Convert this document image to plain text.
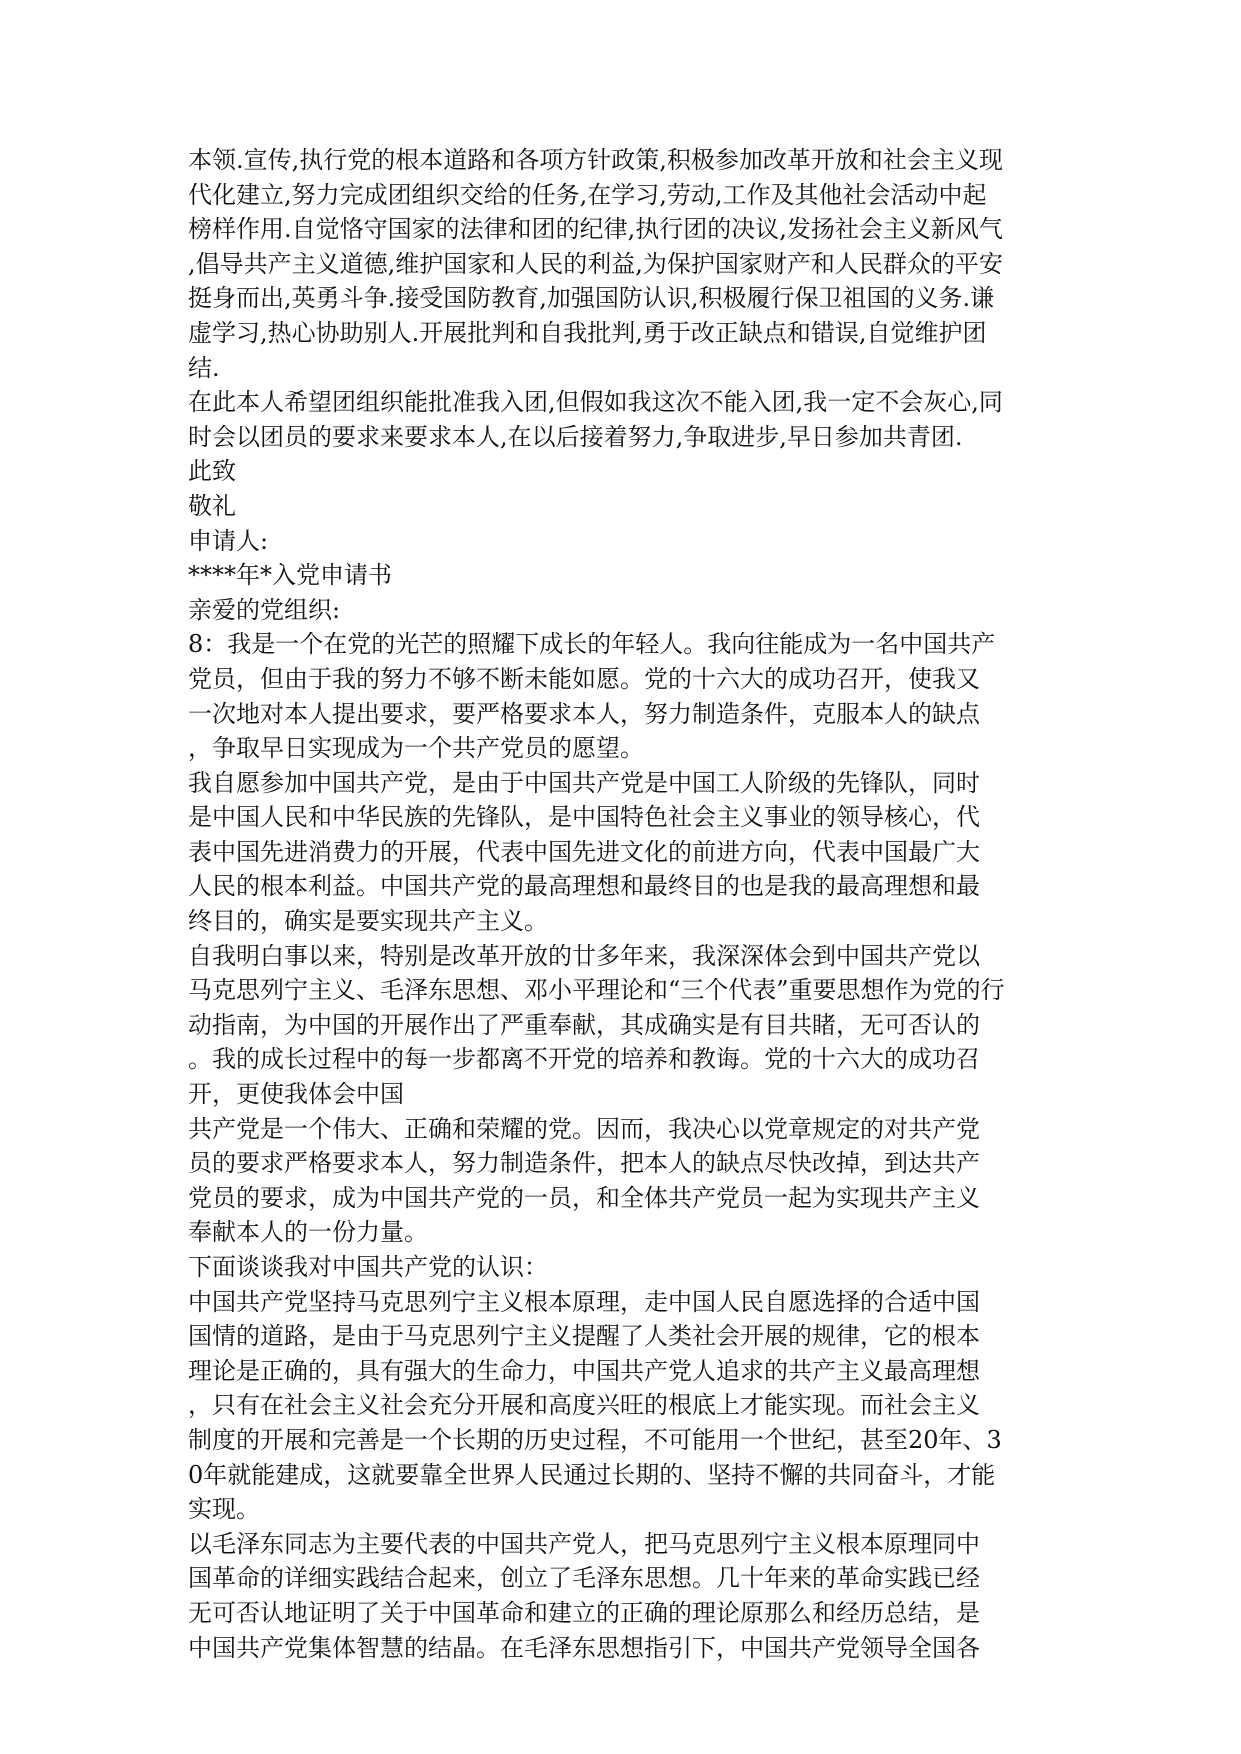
本领.宣传,执行党的根本道路和各项方针政策,积极参加改革开放和社会主义现
代化建立,努力完成团组织交给的任务,在学习,劳动,工作及其他社会活动中起
榜样作用.自觉恪守国家的法律和团的纪律,执行团的决议,发扬社会主义新风气
,倡导共产主义道德,维护国家和人民的利益,为保护国家财产和人民群众的平安
挺身而出,英勇斗争.接受国防教育,加强国防认识,积极履行保卫祖国的义务.谦
虚学习,热心协助别人.开展批判和自我批判,勇于改正缺点和错误,自觉维护团
结.
在此本人希望团组织能批准我入团,但假如我这次不能入团,我一定不会灰心,同
时会以团员的要求来要求本人,在以后接着努力,争取进步,早日参加共青团.
此致
敬礼
申请人:
****年*入党申请书
亲爱的党组织:
8：我是一个在党的光芒的照耀下成长的年轻人。我向往能成为一名中国共产
党员，但由于我的努力不够不断未能如愿。党的十六大的成功召开，使我又
一次地对本人提出要求，要严格要求本人，努力制造条件，克服本人的缺点
，争取早日实现成为一个共产党员的愿望。
我自愿参加中国共产党，是由于中国共产党是中国工人阶级的先锋队，同时
是中国人民和中华民族的先锋队，是中国特色社会主义事业的领导核心，代
表中国先进消费力的开展，代表中国先进文化的前进方向，代表中国最广大
人民的根本利益。中国共产党的最高理想和最终目的也是我的最高理想和最
终目的，确实是要实现共产主义。
自我明白事以来，特别是改革开放的廿多年来，我深深体会到中国共产党以
马克思列宁主义、毛泽东思想、邓小平理论和“三个代表”重要思想作为党的行
动指南，为中国的开展作出了严重奉献，其成确实是有目共睹，无可否认的
。我的成长过程中的每一步都离不开党的培养和教诲。党的十六大的成功召
开，更使我体会中国
共产党是一个伟大、正确和荣耀的党。因而，我决心以党章规定的对共产党
员的要求严格要求本人，努力制造条件，把本人的缺点尽快改掉，到达共产
党员的要求，成为中国共产党的一员，和全体共产党员一起为实现共产主义
奉献本人的一份力量。
下面谈谈我对中国共产党的认识：
中国共产党坚持马克思列宁主义根本原理，走中国人民自愿选择的合适中国
国情的道路，是由于马克思列宁主义提醒了人类社会开展的规律，它的根本
理论是正确的，具有强大的生命力，中国共产党人追求的共产主义最高理想
，只有在社会主义社会充分开展和高度兴旺的根底上才能实现。而社会主义
制度的开展和完善是一个长期的历史过程，不可能用一个世纪，甚至20年、3
0年就能建成，这就要靠全世界人民通过长期的、坚持不懈的共同奋斗，才能
实现。
以毛泽东同志为主要代表的中国共产党人，把马克思列宁主义根本原理同中
国革命的详细实践结合起来，创立了毛泽东思想。几十年来的革命实践已经
无可否认地证明了关于中国革命和建立的正确的理论原那么和经历总结，是
中国共产党集体智慧的结晶。在毛泽东思想指引下，中国共产党领导全国各
